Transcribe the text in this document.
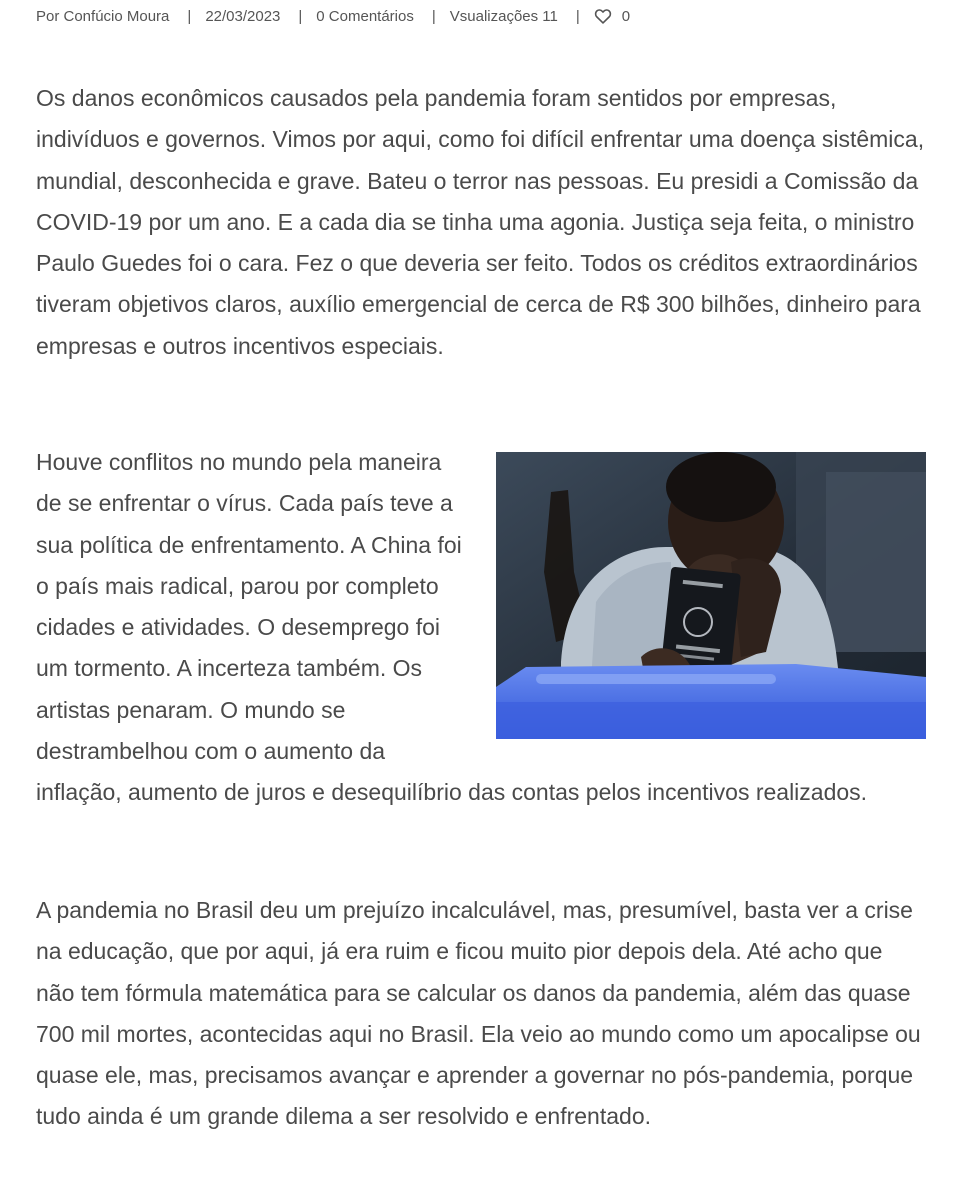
Por Confúcio Moura | 22/03/2023 | 0 Comentários | Vsualizações 11 |	0

Os danos econômicos causados pela pandemia foram sentidos por empresas, indivíduos e governos. Vimos por aqui, como foi difícil enfrentar uma doença sistêmica, mundial, desconhecida e grave. Bateu o terror nas pessoas. Eu presidi a Comissão da COVID-19 por um ano. E a cada dia se tinha uma agonia. Justiça seja feita, o ministro Paulo Guedes foi o cara. Fez o que deveria ser feito. Todos os créditos extraordinários tiveram objetivos claros, auxílio emergencial de cerca de R$ 300 bilhões, dinheiro para empresas e outros incentivos especiais.

Houve conflitos no mundo pela maneira de se enfrentar o vírus. Cada país teve a sua política de enfrentamento. A China foi o país mais radical, parou por completo cidades e atividades. O desemprego foi um tormento. A incerteza também. Os artistas penaram. O mundo se destrambelhou com o aumento da inflação, aumento de juros e desequilíbrio das contas pelos incentivos realizados.

A pandemia no Brasil deu um prejuízo incalculável, mas, presumível, basta ver a crise na educação, que por aqui, já era ruim e ficou muito pior depois dela. Até acho que não tem fórmula matemática para se calcular os danos da pandemia, além das quase 700 mil mortes, acontecidas aqui no Brasil. Ela veio ao mundo como um apocalipse ou quase ele, mas, precisamos avançar e aprender a governar no pós-pandemia, porque tudo ainda é um grande dilema a ser resolvido e enfrentado.
